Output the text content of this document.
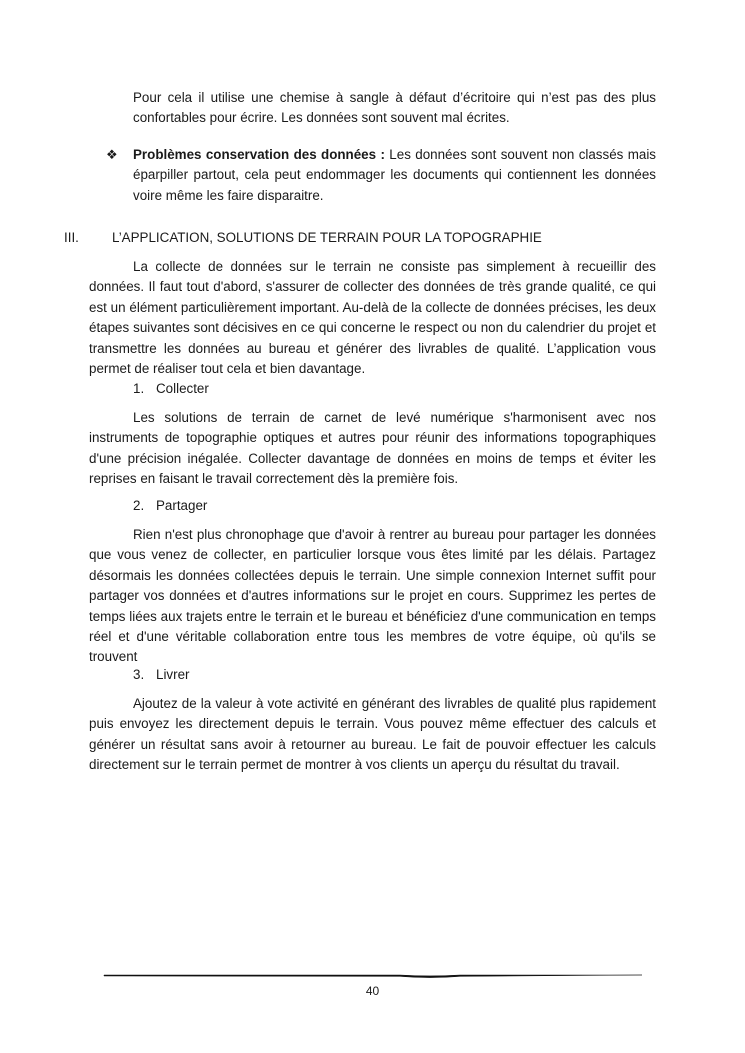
Pour cela il utilise une chemise à sangle à défaut d’écritoire qui n’est pas des plus confortables pour écrire. Les données sont souvent mal écrites.

❖ Problèmes conservation des données : Les données sont souvent non classés mais éparpiller partout, cela peut endommager les documents qui contiennent les données voire même les faire disparaitre.

III.	L’APPLICATION, SOLUTIONS DE TERRAIN POUR LA TOPOGRAPHIE

La collecte de données sur le terrain ne consiste pas simplement à recueillir des données. Il faut tout d'abord, s'assurer de collecter des données de très grande qualité, ce qui est un élément particulièrement important. Au-delà de la collecte de données précises, les deux étapes suivantes sont décisives en ce qui concerne le respect ou non du calendrier du projet et transmettre les données au bureau et générer des livrables de qualité. L’application vous permet de réaliser tout cela et bien davantage.

1. Collecter

Les solutions de terrain de carnet de levé numérique s'harmonisent avec nos instruments de topographie optiques et autres pour réunir des informations topographiques d'une précision inégalée. Collecter davantage de données en moins de temps et éviter les reprises en faisant le travail correctement dès la première fois.

2. Partager

Rien n'est plus chronophage que d'avoir à rentrer au bureau pour partager les données que vous venez de collecter, en particulier lorsque vous êtes limité par les délais. Partagez désormais les données collectées depuis le terrain. Une simple connexion Internet suffit pour partager vos données et d'autres informations sur le projet en cours. Supprimez les pertes de temps liées aux trajets entre le terrain et le bureau et bénéficiez d'une communication en temps réel et d'une véritable collaboration entre tous les membres de votre équipe, où qu'ils se trouvent

3. Livrer

Ajoutez de la valeur à vote activité en générant des livrables de qualité plus rapidement puis envoyez les directement depuis le terrain. Vous pouvez même effectuer des calculs et générer un résultat sans avoir à retourner au bureau. Le fait de pouvoir effectuer les calculs directement sur le terrain permet de montrer à vos clients un aperçu du résultat du travail.

40
